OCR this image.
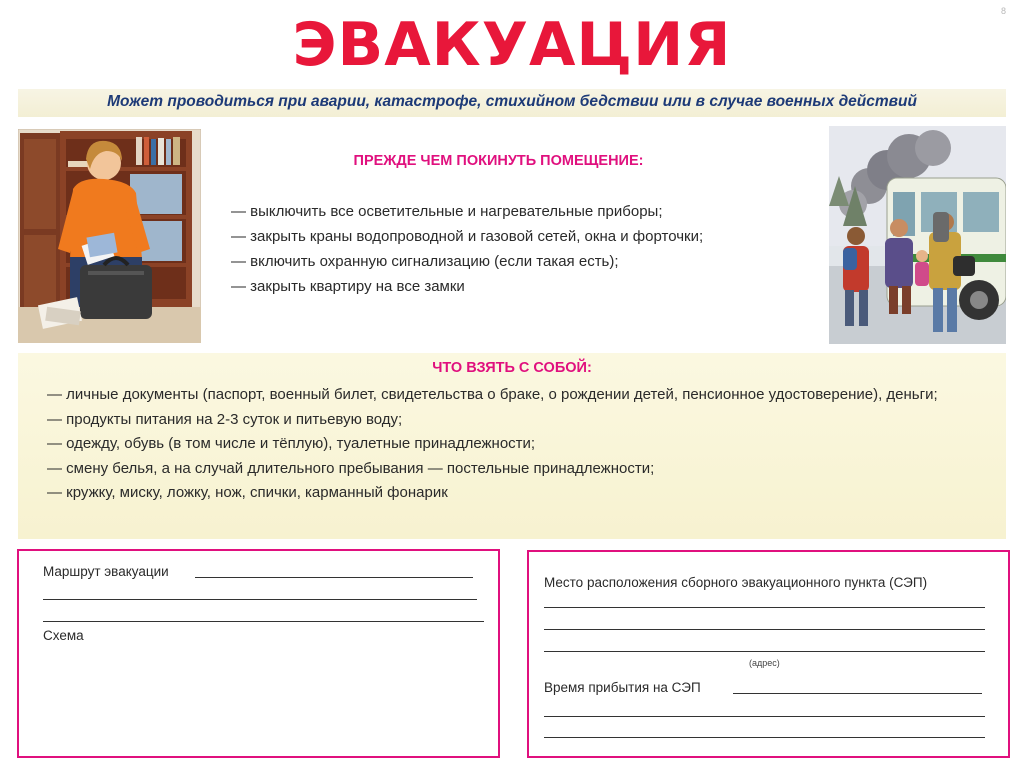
8
ЭВАКУАЦИЯ
Может проводиться при аварии, катастрофе, стихийном бедствии или в случае военных действий
ПРЕЖДЕ ЧЕМ ПОКИНУТЬ ПОМЕЩЕНИЕ:
— выключить все осветительные и нагревательные приборы;
— закрыть краны водопроводной и газовой сетей, окна и форточки;
— включить охранную сигнализацию (если такая есть);
— закрыть квартиру на все замки
ЧТО ВЗЯТЬ С СОБОЙ:
— личные документы (паспорт, военный билет, свидетельства о браке, о рождении детей, пенсионное удостоверение), деньги;
— продукты питания на 2-3 суток и питьевую воду;
— одежду, обувь (в том числе и тёплую), туалетные принадлежности;
— смену белья, а на случай длительного пребывания — постельные принадлежности;
— кружку, миску, ложку, нож, спички, карманный фонарик
Маршрут эвакуации
Схема
Место расположения сборного эвакуационного пункта (СЭП)
(адрес)
Время прибытия на СЭП
